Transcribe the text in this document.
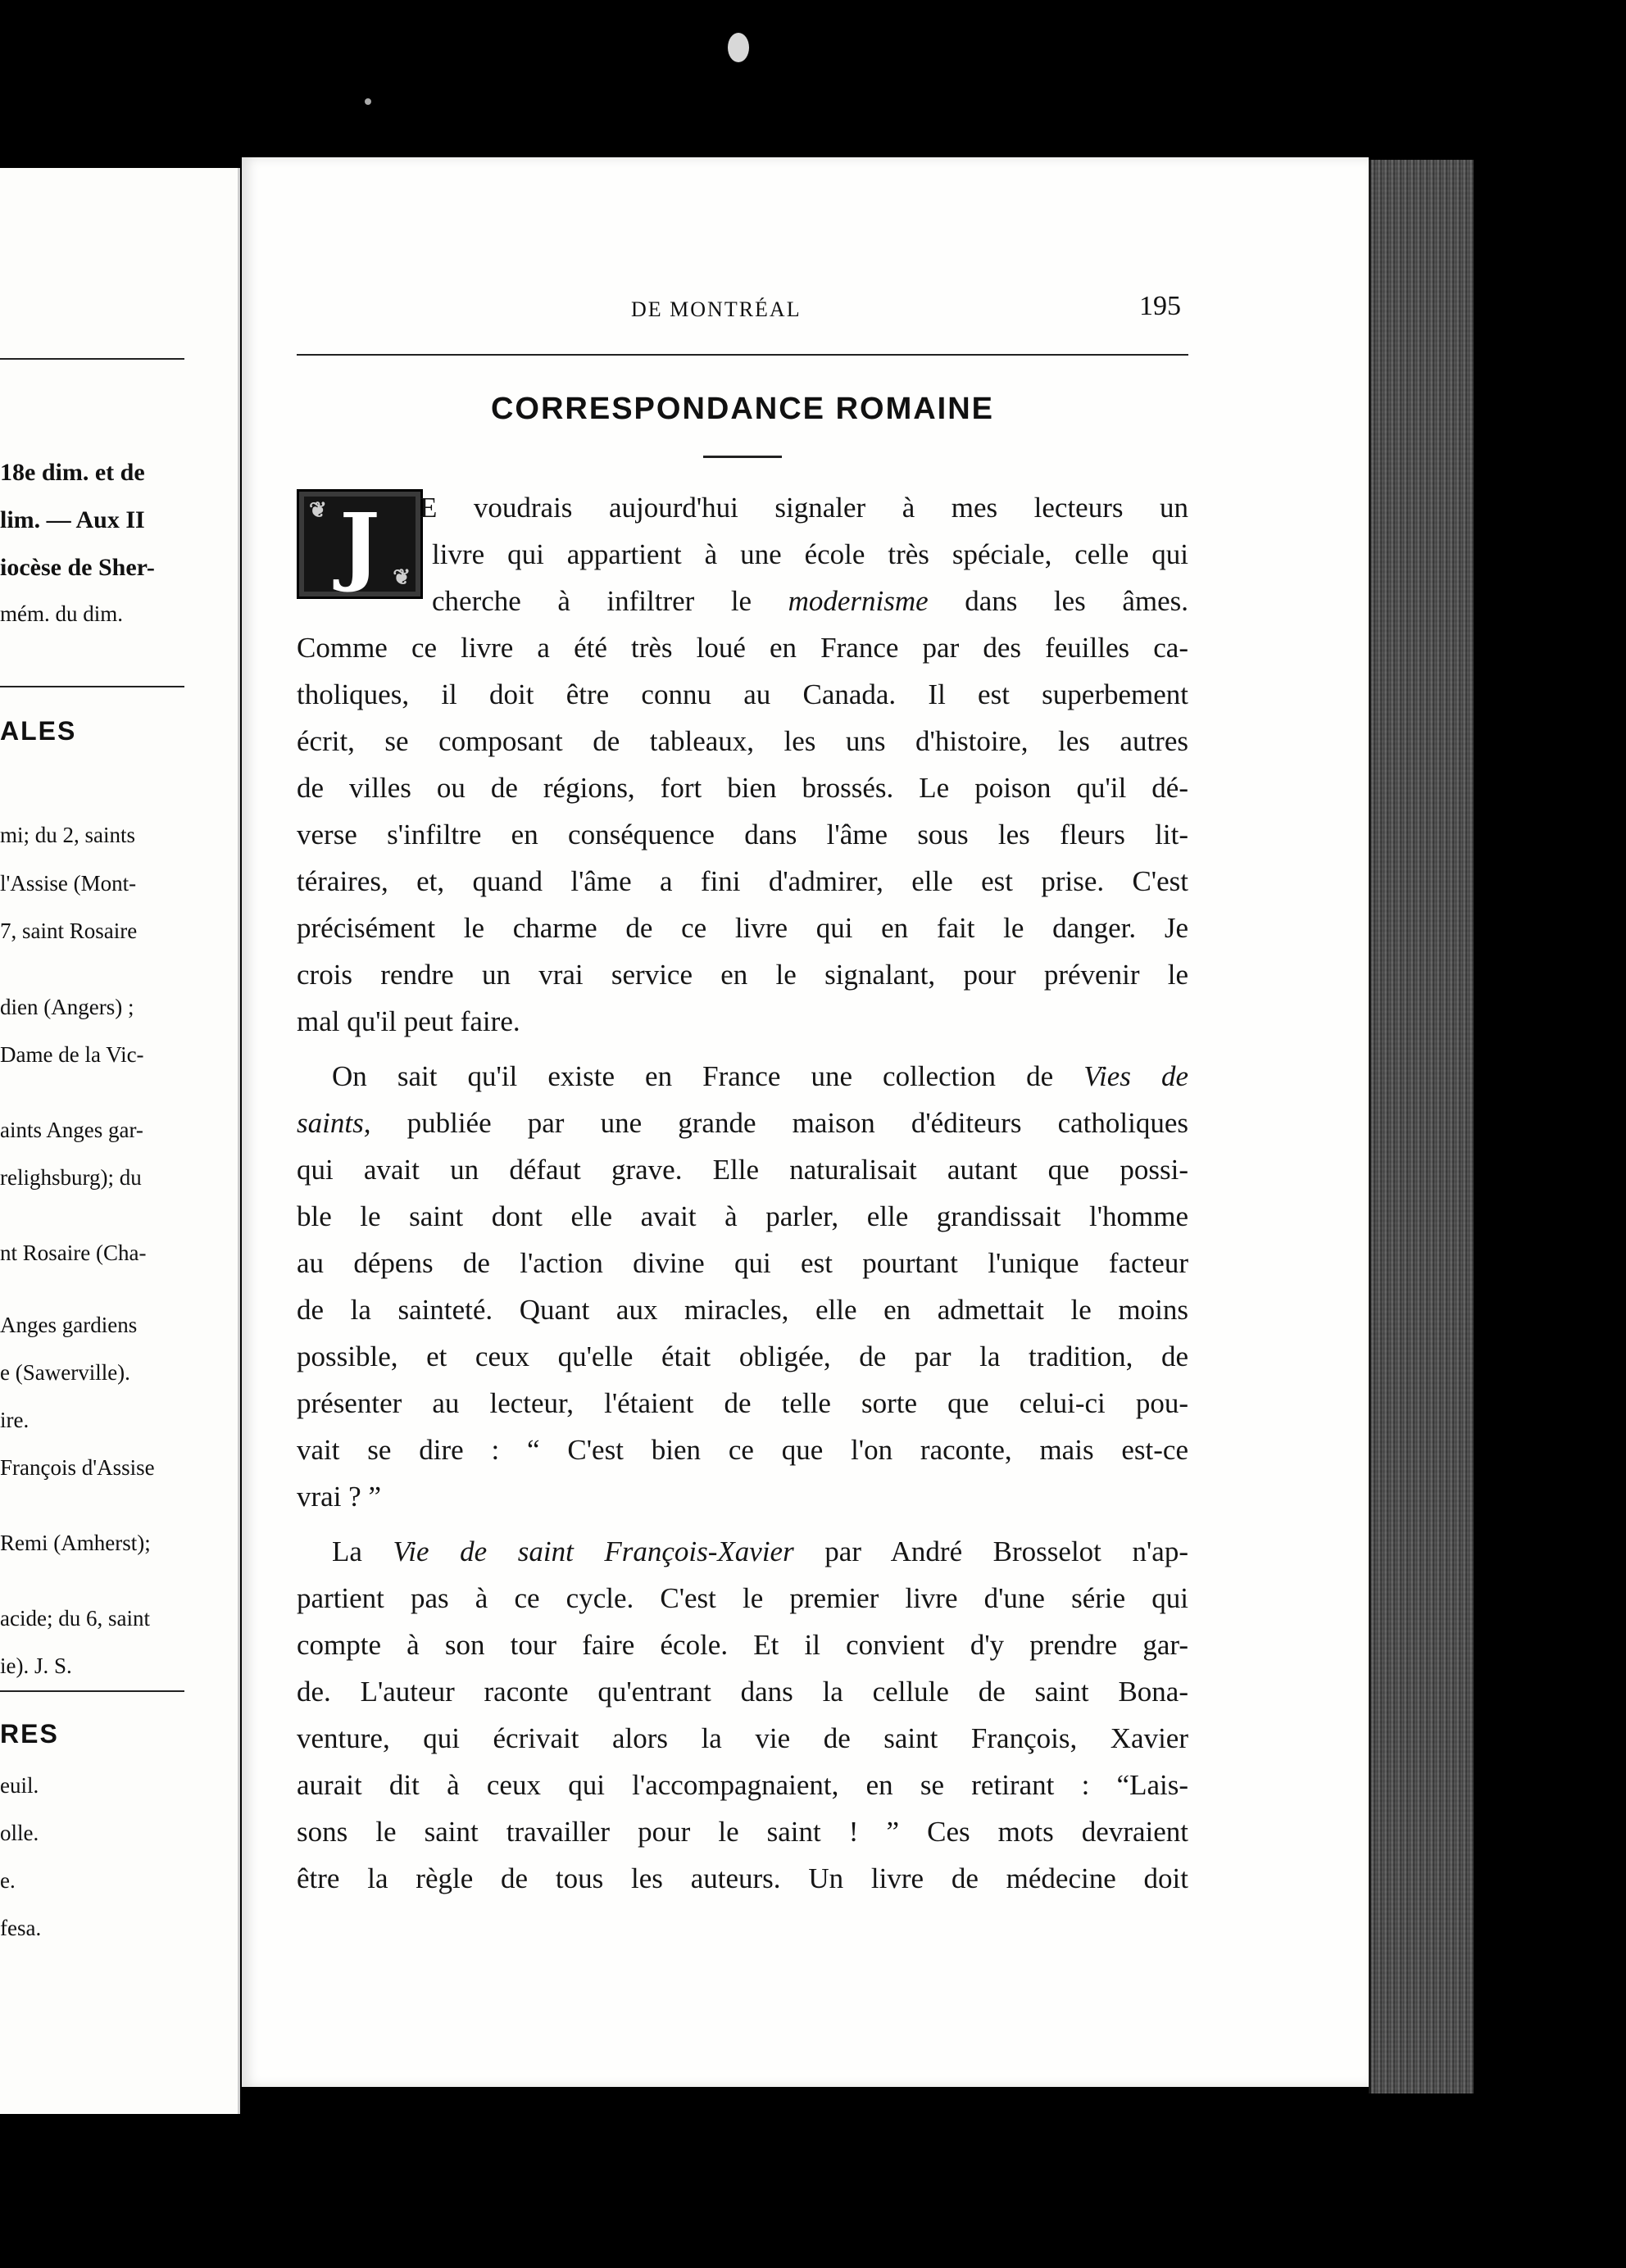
18e dim. et de
lim. — Aux II
iocèse de Sher-
mém. du dim.
ALES
mi; du 2, saints
l'Assise (Mont-
7, saint Rosaire
dien (Angers) ;
Dame de la Vic-
aints Anges gar-
relighsburg); du
nt Rosaire (Cha-
Anges gardiens
e (Sawerville).
ire.
François d'Assise
Remi (Amherst);
acide; du 6, saint
ie). J. S.
RES
euil.
olle.
e.
fesa.
DE MONTRÉAL	195
CORRESPONDANCE ROMAINE
❦ J
❦ E voudrais aujourd'hui signaler à mes lecteurs un
livre qui appartient à une école très spéciale, celle qui
cherche à infiltrer le modernisme dans les âmes.
Comme ce livre a été très loué en France par des feuilles ca-
tholiques, il doit être connu au Canada. Il est superbement
écrit, se composant de tableaux, les uns d'histoire, les autres
de villes ou de régions, fort bien brossés. Le poison qu'il dé-
verse s'infiltre en conséquence dans l'âme sous les fleurs lit-
téraires, et, quand l'âme a fini d'admirer, elle est prise. C'est
précisément le charme de ce livre qui en fait le danger. Je
crois rendre un vrai service en le signalant, pour prévenir le
mal qu'il peut faire.
On sait qu'il existe en France une collection de Vies de
saints, publiée par une grande maison d'éditeurs catholiques
qui avait un défaut grave. Elle naturalisait autant que possi-
ble le saint dont elle avait à parler, elle grandissait l'homme
au dépens de l'action divine qui est pourtant l'unique facteur
de la sainteté. Quant aux miracles, elle en admettait le moins
possible, et ceux qu'elle était obligée, de par la tradition, de
présenter au lecteur, l'étaient de telle sorte que celui-ci pou-
vait se dire : “ C'est bien ce que l'on raconte, mais est-ce
vrai ? ”
La Vie de saint François-Xavier par André Brosselot n'ap-
partient pas à ce cycle. C'est le premier livre d'une série qui
compte à son tour faire école. Et il convient d'y prendre gar-
de. L'auteur raconte qu'entrant dans la cellule de saint Bona-
venture, qui écrivait alors la vie de saint François, Xavier
aurait dit à ceux qui l'accompagnaient, en se retirant : “Lais-
sons le saint travailler pour le saint ! ” Ces mots devraient
être la règle de tous les auteurs. Un livre de médecine doit
